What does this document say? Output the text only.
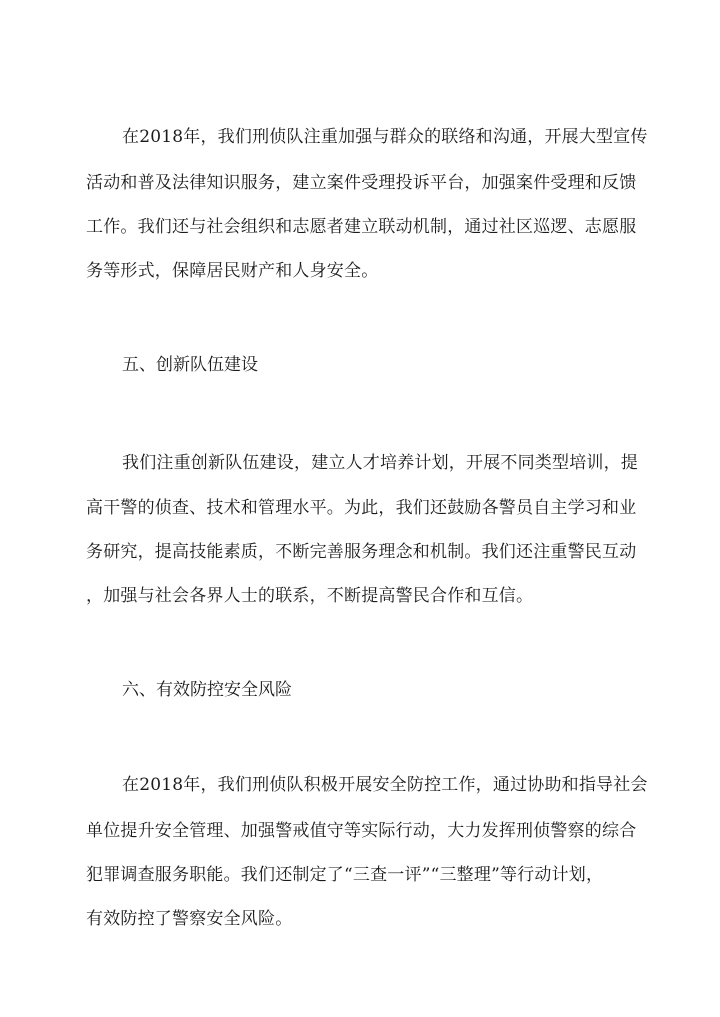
在2018年，我们刑侦队注重加强与群众的联络和沟通，开展大型宣传
活动和普及法律知识服务，建立案件受理投诉平台，加强案件受理和反馈
工作。我们还与社会组织和志愿者建立联动机制，通过社区巡逻、志愿服
务等形式，保障居民财产和人身安全。
五、创新队伍建设
我们注重创新队伍建设，建立人才培养计划，开展不同类型培训，提
高干警的侦查、技术和管理水平。为此，我们还鼓励各警员自主学习和业
务研究，提高技能素质，不断完善服务理念和机制。我们还注重警民互动
，加强与社会各界人士的联系，不断提高警民合作和互信。
六、有效防控安全风险
在2018年，我们刑侦队积极开展安全防控工作，通过协助和指导社会
单位提升安全管理、加强警戒值守等实际行动，大力发挥刑侦警察的综合
犯罪调查服务职能。我们还制定了“三查一评”“三整理”等行动计划，
有效防控了警察安全风险。
